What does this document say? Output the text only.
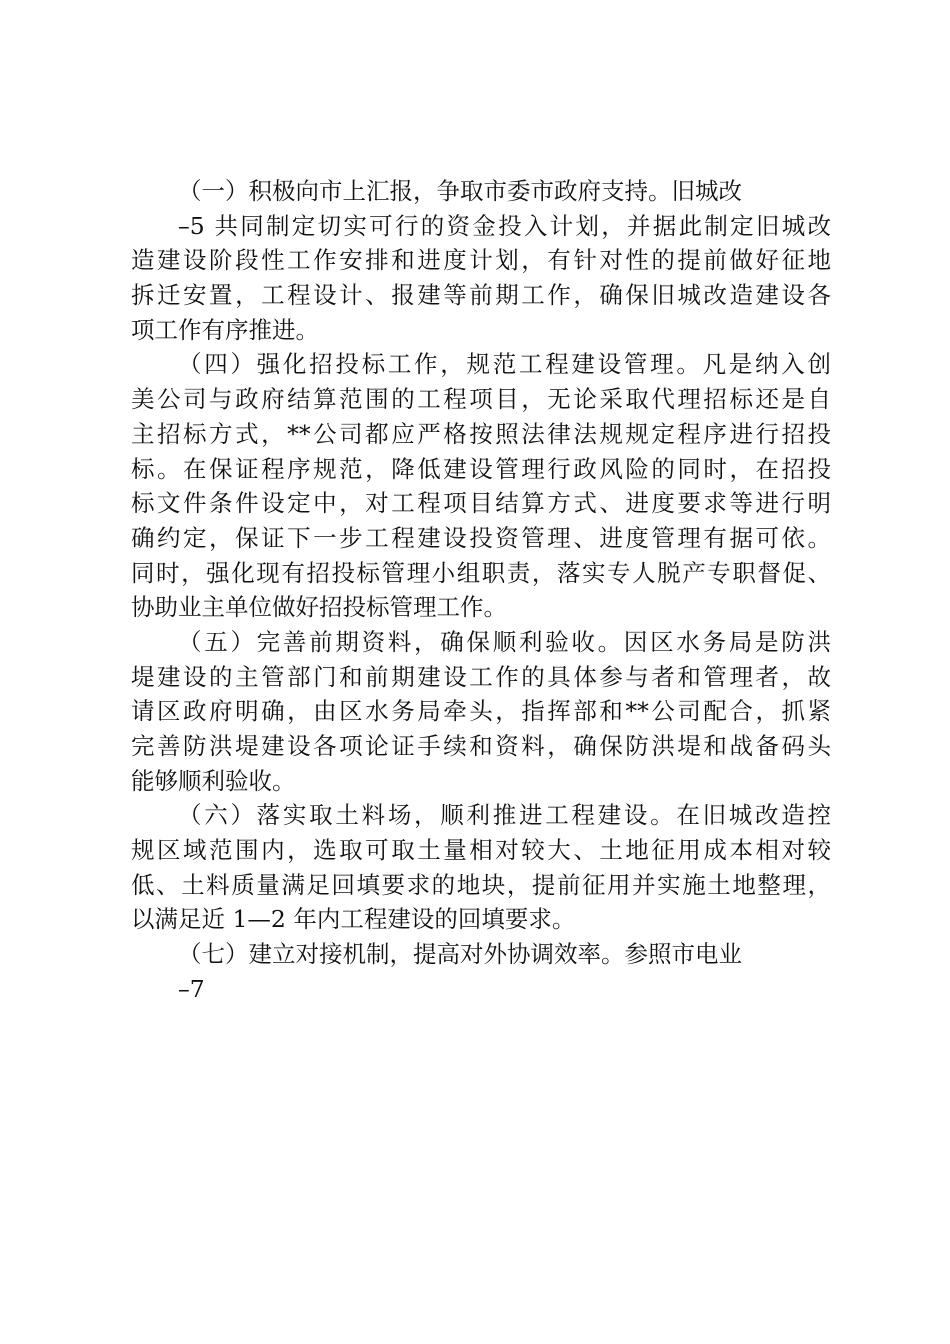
（一）积极向市上汇报，争取市委市政府支持。旧城改
–5 共同制定切实可行的资金投入计划，并据此制定旧城改
造建设阶段性工作安排和进度计划，有针对性的提前做好征地
拆迁安置，工程设计、报建等前期工作，确保旧城改造建设各
项工作有序推进。
（四）强化招投标工作，规范工程建设管理。凡是纳入创
美公司与政府结算范围的工程项目，无论采取代理招标还是自
主招标方式，**公司都应严格按照法律法规规定程序进行招投
标。在保证程序规范，降低建设管理行政风险的同时，在招投
标文件条件设定中，对工程项目结算方式、进度要求等进行明
确约定，保证下一步工程建设投资管理、进度管理有据可依。
同时，强化现有招投标管理小组职责，落实专人脱产专职督促、
协助业主单位做好招投标管理工作。
（五）完善前期资料，确保顺利验收。因区水务局是防洪
堤建设的主管部门和前期建设工作的具体参与者和管理者，故
请区政府明确，由区水务局牵头，指挥部和**公司配合，抓紧
完善防洪堤建设各项论证手续和资料，确保防洪堤和战备码头
能够顺利验收。
（六）落实取土料场，顺利推进工程建设。在旧城改造控
规区域范围内，选取可取土量相对较大、土地征用成本相对较
低、土料质量满足回填要求的地块，提前征用并实施土地整理，
以满足近 1—2 年内工程建设的回填要求。
（七）建立对接机制，提高对外协调效率。参照市电业
–7
